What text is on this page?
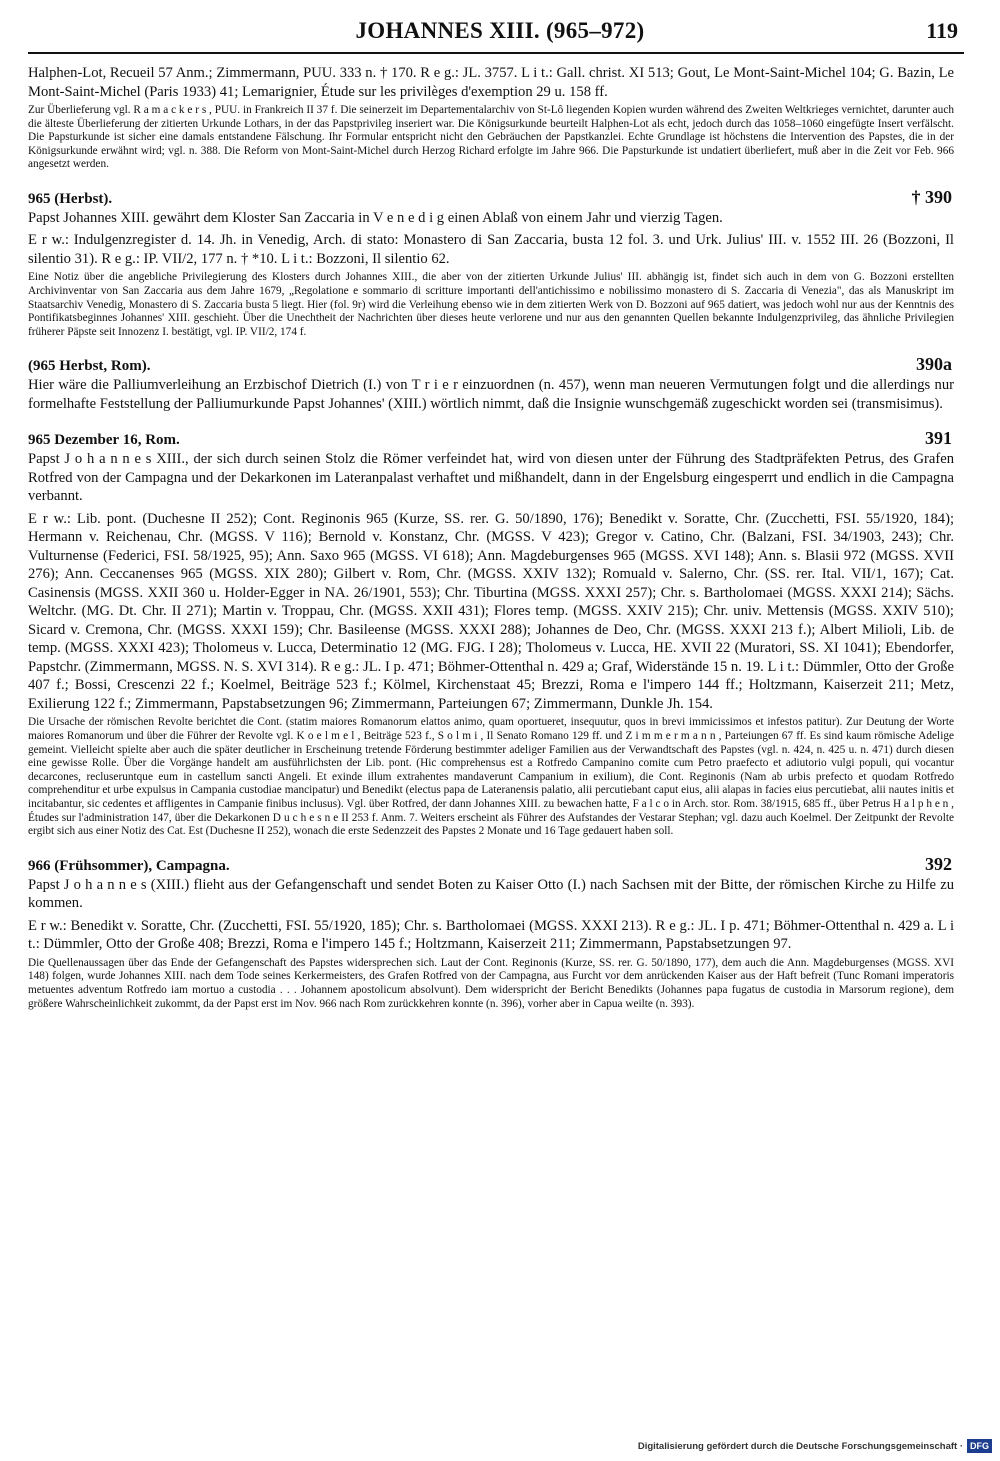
JOHANNES XIII. (965–972)	119

Halphen-Lot, Recueil 57 Anm.; Zimmermann, PUU. 333 n. † 170. R e g.: JL. 3757. L i t.: Gall. christ. XI 513; Gout, Le Mont-Saint-Michel 104; G. Bazin, Le Mont-Saint-Michel (Paris 1933) 41; Lemarignier, Étude sur les privilèges d'exemption 29 u. 158 ff.

Zur Überlieferung vgl. R a m a c k e r s , PUU. in Frankreich II 37 f. Die seinerzeit im Departementalarchiv von St-Lô liegenden Kopien wurden während des Zweiten Weltkrieges vernichtet, darunter auch die älteste Überlieferung der zitierten Urkunde Lothars, in der das Papstprivileg inseriert war. Die Königsurkunde beurteilt Halphen-Lot als echt, jedoch durch das 1058–1060 eingefügte Insert verfälscht. Die Papsturkunde ist sicher eine damals entstandene Fälschung. Ihr Formular entspricht nicht den Gebräuchen der Papstkanzlei. Echte Grundlage ist höchstens die Intervention des Papstes, die in der Königsurkunde erwähnt wird; vgl. n. 388. Die Reform von Mont-Saint-Michel durch Herzog Richard erfolgte im Jahre 966. Die Papsturkunde ist undatiert überliefert, muß aber in die Zeit vor Feb. 966 angesetzt werden.

965 (Herbst).	† 390

Papst Johannes XIII. gewährt dem Kloster San Zaccaria in V e n e d i g einen Ablaß von einem Jahr und vierzig Tagen.

E r w.: Indulgenzregister d. 14. Jh. in Venedig, Arch. di stato: Monastero di San Zaccaria, busta 12 fol. 3. und Urk. Julius' III. v. 1552 III. 26 (Bozzoni, Il silentio 31). R e g.: IP. VII/2, 177 n. † *10. L i t.: Bozzoni, Il silentio 62.

Eine Notiz über die angebliche Privilegierung des Klosters durch Johannes XIII., die aber von der zitierten Urkunde Julius' III. abhängig ist, findet sich auch in dem von G. Bozzoni erstellten Archivinventar von San Zaccaria aus dem Jahre 1679, „Regolatione e sommario di scritture importanti dell'antichissimo e nobilissimo monastero di S. Zaccaria di Venezia", das als Manuskript im Staatsarchiv Venedig, Monastero di S. Zaccaria busta 5 liegt. Hier (fol. 9r) wird die Verleihung ebenso wie in dem zitierten Werk von D. Bozzoni auf 965 datiert, was jedoch wohl nur aus der Kenntnis des Pontifikatsbeginnes Johannes' XIII. geschieht. Über die Unechtheit der Nachrichten über dieses heute verlorene und nur aus den genannten Quellen bekannte Indulgenzprivileg, das ähnliche Privilegien früherer Päpste seit Innozenz I. bestätigt, vgl. IP. VII/2, 174 f.

(965 Herbst, Rom).	390a

Hier wäre die Palliumverleihung an Erzbischof Dietrich (I.) von T r i e r einzuordnen (n. 457), wenn man neueren Vermutungen folgt und die allerdings nur formelhafte Feststellung der Palliumurkunde Papst Johannes' (XIII.) wörtlich nimmt, daß die Insignie wunschgemäß zugeschickt worden sei (transmisimus).

965 Dezember 16, Rom.	391

Papst J o h a n n e s XIII., der sich durch seinen Stolz die Römer verfeindet hat, wird von diesen unter der Führung des Stadtpräfekten Petrus, des Grafen Rotfred von der Campagna und der Dekarkonen im Lateranpalast verhaftet und mißhandelt, dann in der Engelsburg eingesperrt und endlich in die Campagna verbannt.

E r w.: Lib. pont. (Duchesne II 252); Cont. Reginonis 965 (Kurze, SS. rer. G. 50/1890, 176); Benedikt v. Soratte, Chr. (Zucchetti, FSI. 55/1920, 184); Hermann v. Reichenau, Chr. (MGSS. V 116); Bernold v. Konstanz, Chr. (MGSS. V 423); Gregor v. Catino, Chr. (Balzani, FSI. 34/1903, 243); Chr. Vulturnense (Federici, FSI. 58/1925, 95); Ann. Saxo 965 (MGSS. VI 618); Ann. Magdeburgenses 965 (MGSS. XVI 148); Ann. s. Blasii 972 (MGSS. XVII 276); Ann. Ceccanenses 965 (MGSS. XIX 280); Gilbert v. Rom, Chr. (MGSS. XXIV 132); Romuald v. Salerno, Chr. (SS. rer. Ital. VII/1, 167); Cat. Casinensis (MGSS. XXII 360 u. Holder-Egger in NA. 26/1901, 553); Chr. Tiburtina (MGSS. XXXI 257); Chr. s. Bartholomaei (MGSS. XXXI 214); Sächs. Weltchr. (MG. Dt. Chr. II 271); Martin v. Troppau, Chr. (MGSS. XXII 431); Flores temp. (MGSS. XXIV 215); Chr. univ. Mettensis (MGSS. XXIV 510); Sicard v. Cremona, Chr. (MGSS. XXXI 159); Chr. Basileense (MGSS. XXXI 288); Johannes de Deo, Chr. (MGSS. XXXI 213 f.); Albert Milioli, Lib. de temp. (MGSS. XXXI 423); Tholomeus v. Lucca, Determinatio 12 (MG. FJG. I 28); Tholomeus v. Lucca, HE. XVII 22 (Muratori, SS. XI 1041); Ebendorfer, Papstchr. (Zimmermann, MGSS. N. S. XVI 314). R e g.: JL. I p. 471; Böhmer-Ottenthal n. 429 a; Graf, Widerstände 15 n. 19. L i t.: Dümmler, Otto der Große 407 f.; Bossi, Crescenzi 22 f.; Koelmel, Beiträge 523 f.; Kölmel, Kirchenstaat 45; Brezzi, Roma e l'impero 144 ff.; Holtzmann, Kaiserzeit 211; Metz, Exilierung 122 f.; Zimmermann, Papstabsetzungen 96; Zimmermann, Parteiungen 67; Zimmermann, Dunkle Jh. 154.

Die Ursache der römischen Revolte berichtet die Cont. (statim maiores Romanorum elattos animo, quam oportueret, insequutur, quos in brevi immicissimos et infestos patitur). Zur Deutung der Worte maiores Romanorum und über die Führer der Revolte vgl. K o e l m e l , Beiträge 523 f., S o l m i , Il Senato Romano 129 ff. und Z i m m e r m a n n , Parteiungen 67 ff. Es sind kaum römische Adelige gemeint. Vielleicht spielte aber auch die später deutlicher in Erscheinung tretende Förderung bestimmter adeliger Familien aus der Verwandtschaft des Papstes (vgl. n. 424, n. 425 u. n. 471) durch diesen eine gewisse Rolle. Über die Vorgänge handelt am ausführlichsten der Lib. pont. (Hic comprehensus est a Rotfredo Campanino comite cum Petro praefecto et adiutorio vulgi populi, qui vocantur decarcones, recluseruntque eum in castellum sancti Angeli. Et exinde illum extrahentes mandaverunt Campanium in exilium), die Cont. Reginonis (Nam ab urbis prefecto et quodam Rotfredo comprehenditur et urbe expulsus in Campania custodiae mancipatur) und Benedikt (electus papa de Lateranensis palatio, alii percutiebant caput eius, alii alapas in facies eius percutiebat, alii nautes initis et incitabantur, sic cedentes et affligentes in Campanie finibus inclusus). Vgl. über Rotfred, der dann Johannes XIII. zu bewachen hatte, F a l c o in Arch. stor. Rom. 38/1915, 685 ff., über Petrus H a l p h e n , Études sur l'administration 147, über die Dekarkonen D u c h e s n e II 253 f. Anm. 7. Weiters erscheint als Führer des Aufstandes der Vestarar Stephan; vgl. dazu auch Koelmel. Der Zeitpunkt der Revolte ergibt sich aus einer Notiz des Cat. Est (Duchesne II 252), wonach die erste Sedenzzeit des Papstes 2 Monate und 16 Tage gedauert haben soll.

966 (Frühsommer), Campagna.	392

Papst J o h a n n e s (XIII.) flieht aus der Gefangenschaft und sendet Boten zu Kaiser Otto (I.) nach Sachsen mit der Bitte, der römischen Kirche zu Hilfe zu kommen.

E r w.: Benedikt v. Soratte, Chr. (Zucchetti, FSI. 55/1920, 185); Chr. s. Bartholomaei (MGSS. XXXI 213). R e g.: JL. I p. 471; Böhmer-Ottenthal n. 429 a. L i t.: Dümmler, Otto der Große 408; Brezzi, Roma e l'impero 145 f.; Holtzmann, Kaiserzeit 211; Zimmermann, Papstabsetzungen 97.

Die Quellenaussagen über das Ende der Gefangenschaft des Papstes widersprechen sich. Laut der Cont. Reginonis (Kurze, SS. rer. G. 50/1890, 177), dem auch die Ann. Magdeburgenses (MGSS. XVI 148) folgen, wurde Johannes XIII. nach dem Tode seines Kerkermeisters, des Grafen Rotfred von der Campagna, aus Furcht vor dem anrückenden Kaiser aus der Haft befreit (Tunc Romani imperatoris metuentes adventum Rotfredo iam mortuo a custodia . . . Johannem apostolicum absolvunt). Dem widerspricht der Bericht Benedikts (Johannes papa fugatus de custodia in Marsorum regione), dem größere Wahrscheinlichkeit zukommt, da der Papst erst im Nov. 966 nach Rom zurückkehren konnte (n. 396), vorher aber in Capua weilte (n. 393).

Digitalisierung gefördert durch die Deutsche Forschungsgemeinschaft · DFG
